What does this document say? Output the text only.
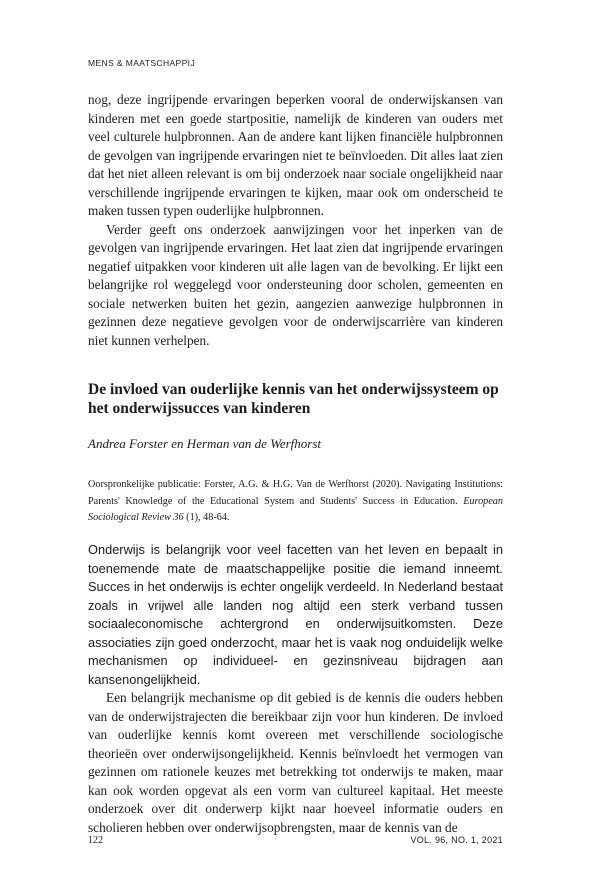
MENS & MAATSCHAPPIJ

nog, deze ingrijpende ervaringen beperken vooral de onderwijskansen van kinderen met een goede startpositie, namelijk de kinderen van ouders met veel culturele hulpbronnen. Aan de andere kant lijken financiële hulpbronnen de gevolgen van ingrijpende ervaringen niet te beïnvloeden. Dit alles laat zien dat het niet alleen relevant is om bij onderzoek naar sociale ongelijkheid naar verschillende ingrijpende ervaringen te kijken, maar ook om onderscheid te maken tussen typen ouderlijke hulpbronnen.

Verder geeft ons onderzoek aanwijzingen voor het inperken van de gevolgen van ingrijpende ervaringen. Het laat zien dat ingrijpende ervaringen negatief uitpakken voor kinderen uit alle lagen van de bevolking. Er lijkt een belangrijke rol weggelegd voor ondersteuning door scholen, gemeenten en sociale netwerken buiten het gezin, aangezien aanwezige hulpbronnen in gezinnen deze negatieve gevolgen voor de onderwijscarrière van kinderen niet kunnen verhelpen.

De invloed van ouderlijke kennis van het onderwijssysteem op het onderwijssucces van kinderen

Andrea Forster en Herman van de Werfhorst

Oorspronkelijke publicatie: Forster, A.G. & H.G. Van de Werfhorst (2020). Navigating Institutions: Parents' Knowledge of the Educational System and Students' Success in Education. European Sociological Review 36 (1), 48-64.

Onderwijs is belangrijk voor veel facetten van het leven en bepaalt in toenemende mate de maatschappelijke positie die iemand inneemt. Succes in het onderwijs is echter ongelijk verdeeld. In Nederland bestaat zoals in vrijwel alle landen nog altijd een sterk verband tussen sociaaleconomische achtergrond en onderwijsuitkomsten. Deze associaties zijn goed onderzocht, maar het is vaak nog onduidelijk welke mechanismen op individueel- en gezinsniveau bijdragen aan kansenongelijkheid.

Een belangrijk mechanisme op dit gebied is de kennis die ouders hebben van de onderwijstrajecten die bereikbaar zijn voor hun kinderen. De invloed van ouderlijke kennis komt overeen met verschillende sociologische theorieën over onderwijsongelijkheid. Kennis beïnvloedt het vermogen van gezinnen om rationele keuzes met betrekking tot onderwijs te maken, maar kan ook worden opgevat als een vorm van cultureel kapitaal. Het meeste onderzoek over dit onderwerp kijkt naar hoeveel informatie ouders en scholieren hebben over onderwijsopbrengsten, maar de kennis van de

122	VOL. 96, NO. 1, 2021
